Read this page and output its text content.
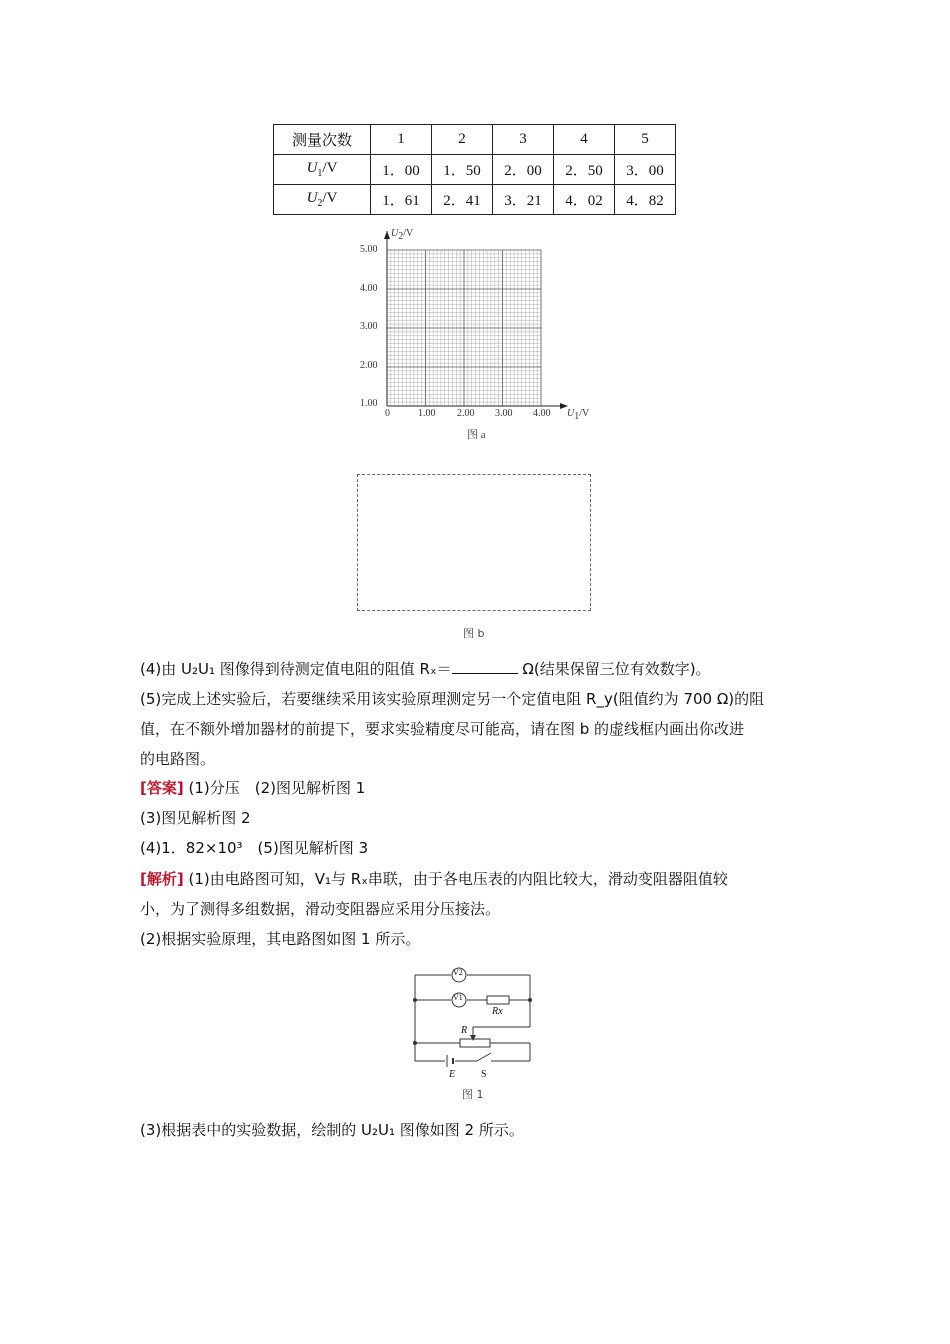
测量次数	1	2	3	4	5
$U_1/V$	1．00	1．50	2．00	2．50	3．00
$U_2/V$	1．61	2．41	3．21	4．02	4．82
$U_2/V$
5.00
4.00
3.00
2.00
1.00
0	1.00 2.00 3.00 4.00 $U_1/V$
图 a
图 b
(4)由 U₂U₁ 图像得到待测定值电阻的阻值 Rₓ＝	Ω(结果保留三位有效数字)。
(5)完成上述实验后，若要继续采用该实验原理测定另一个定值电阻 R_y(阻值约为 700 Ω)的阻
值，在不额外增加器材的前提下，要求实验精度尽可能高，请在图 b 的虚线框内画出你改进
的电路图。
[答案] (1)分压　(2)图见解析图 1
(3)图见解析图 2
(4)1．82×10³　(5)图见解析图 3
[解析] (1)由电路图可知，V₁与 Rₓ串联，由于各电压表的内阻比较大，滑动变阻器阻值较
小，为了测得多组数据，滑动变阻器应采用分压接法。
(2)根据实验原理，其电路图如图 1 所示。
V2
V1
Rx
R
E	S
图 1
(3)根据表中的实验数据，绘制的 U₂U₁ 图像如图 2 所示。
